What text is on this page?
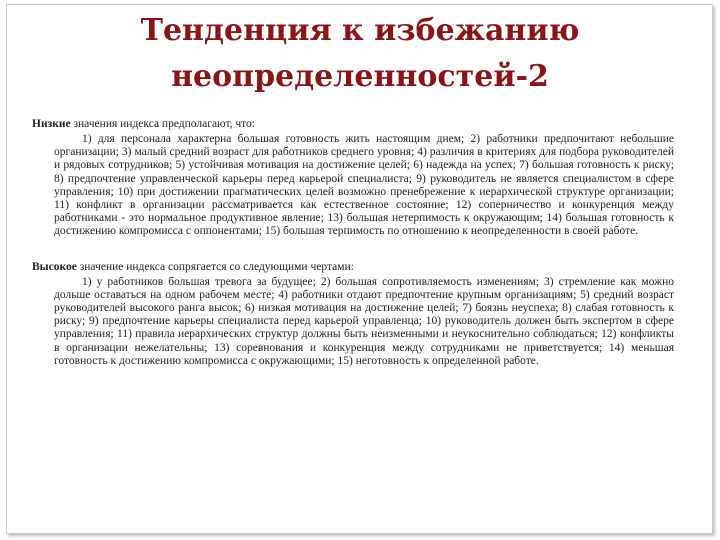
Тенденция к избежанию
неопределенностей-2

Низкие значения индекса предполагают, что:

1) для персонала характерна большая готовность жить настоящим днем; 2) работники предпочитают небольшие организации; 3) малый средний возраст для работников среднего уровня; 4) различия в критериях для подбора руководителей и рядовых сотрудников; 5) устойчивая мотивация на достижение целей; 6) надежда на успех; 7) большая готовность к риску; 8) предпочтение управленческой карьеры перед карьерой специалиста; 9) руководитель не является специалистом в сфере управления; 10) при достижении прагматических целей возможно пренебрежение к иерархической структуре организации; 11) конфликт в организации рассматривается как естественное состояние; 12) соперничество и конкуренция между работниками - это нормальное продуктивное явление; 13) большая нетерпимость к окружающим; 14) большая готовность к достижению компромисса с оппонентами; 15) большая терпимость по отношению к неопределенности в своей работе.

Высокое значение индекса сопрягается со следующими чертами:

1) у работников большая тревога за будущее; 2) большая сопротивляемость изменениям; 3) стремление как можно дольше оставаться на одном рабочем месте; 4) работники отдают предпочтение крупным организациям; 5) средний возраст руководителей высокого ранга высок; 6) низкая мотивация на достижение целей; 7) боязнь неуспеха; 8) слабая готовность к риску; 9) предпочтение карьеры специалиста перед карьерой управленца; 10) руководитель должен быть экспертом в сфере управления; 11) правила иерархических структур должны быть неизменными и неукоснительно соблюдаться; 12) конфликты в организации нежелательны; 13) соревнования и конкуренция между сотрудниками не приветствуется; 14) меньшая готовность к достижению компромисса с окружающими; 15) неготовность к определенной работе.
